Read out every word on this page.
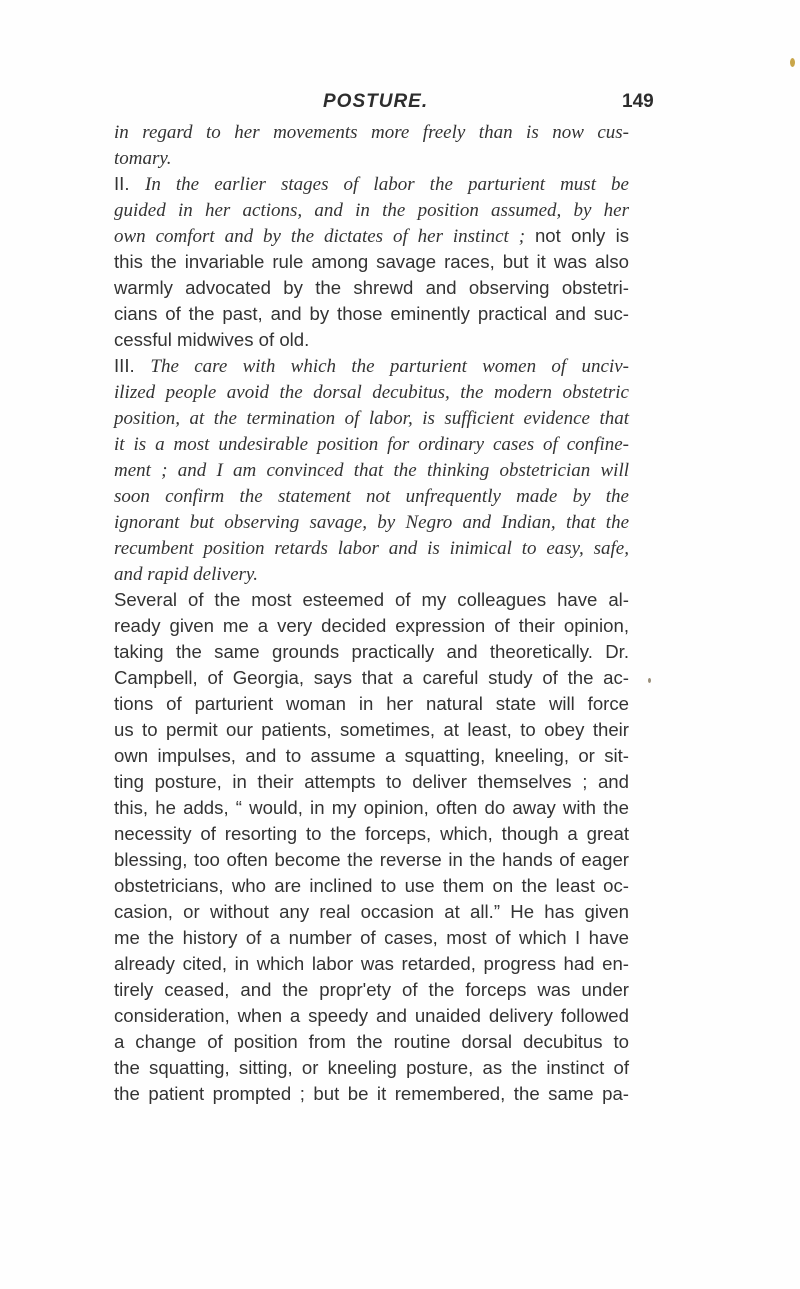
POSTURE.	149
in regard to her movements more freely than is now cus-
tomary.
II. In the earlier stages of labor the parturient must be
guided in her actions, and in the position assumed, by her
own comfort and by the dictates of her instinct ; not only is
this the invariable rule among savage races, but it was also
warmly advocated by the shrewd and observing obstetri-
cians of the past, and by those eminently practical and suc-
cessful midwives of old.
III. The care with which the parturient women of unciv-
ilized people avoid the dorsal decubitus, the modern obstetric
position, at the termination of labor, is sufficient evidence that
it is a most undesirable position for ordinary cases of confine-
ment ; and I am convinced that the thinking obstetrician will
soon confirm the statement not unfrequently made by the
ignorant but observing savage, by Negro and Indian, that the
recumbent position retards labor and is inimical to easy, safe,
and rapid delivery.
Several of the most esteemed of my colleagues have al-
ready given me a very decided expression of their opinion,
taking the same grounds practically and theoretically. Dr.
Campbell, of Georgia, says that a careful study of the ac-
tions of parturient woman in her natural state will force
us to permit our patients, sometimes, at least, to obey their
own impulses, and to assume a squatting, kneeling, or sit-
ting posture, in their attempts to deliver themselves ; and
this, he adds, “ would, in my opinion, often do away with the
necessity of resorting to the forceps, which, though a great
blessing, too often become the reverse in the hands of eager
obstetricians, who are inclined to use them on the least oc-
casion, or without any real occasion at all.” He has given
me the history of a number of cases, most of which I have
already cited, in which labor was retarded, progress had en-
tirely ceased, and the propr'ety of the forceps was under
consideration, when a speedy and unaided delivery followed
a change of position from the routine dorsal decubitus to
the squatting, sitting, or kneeling posture, as the instinct of
the patient prompted ; but be it remembered, the same pa-
